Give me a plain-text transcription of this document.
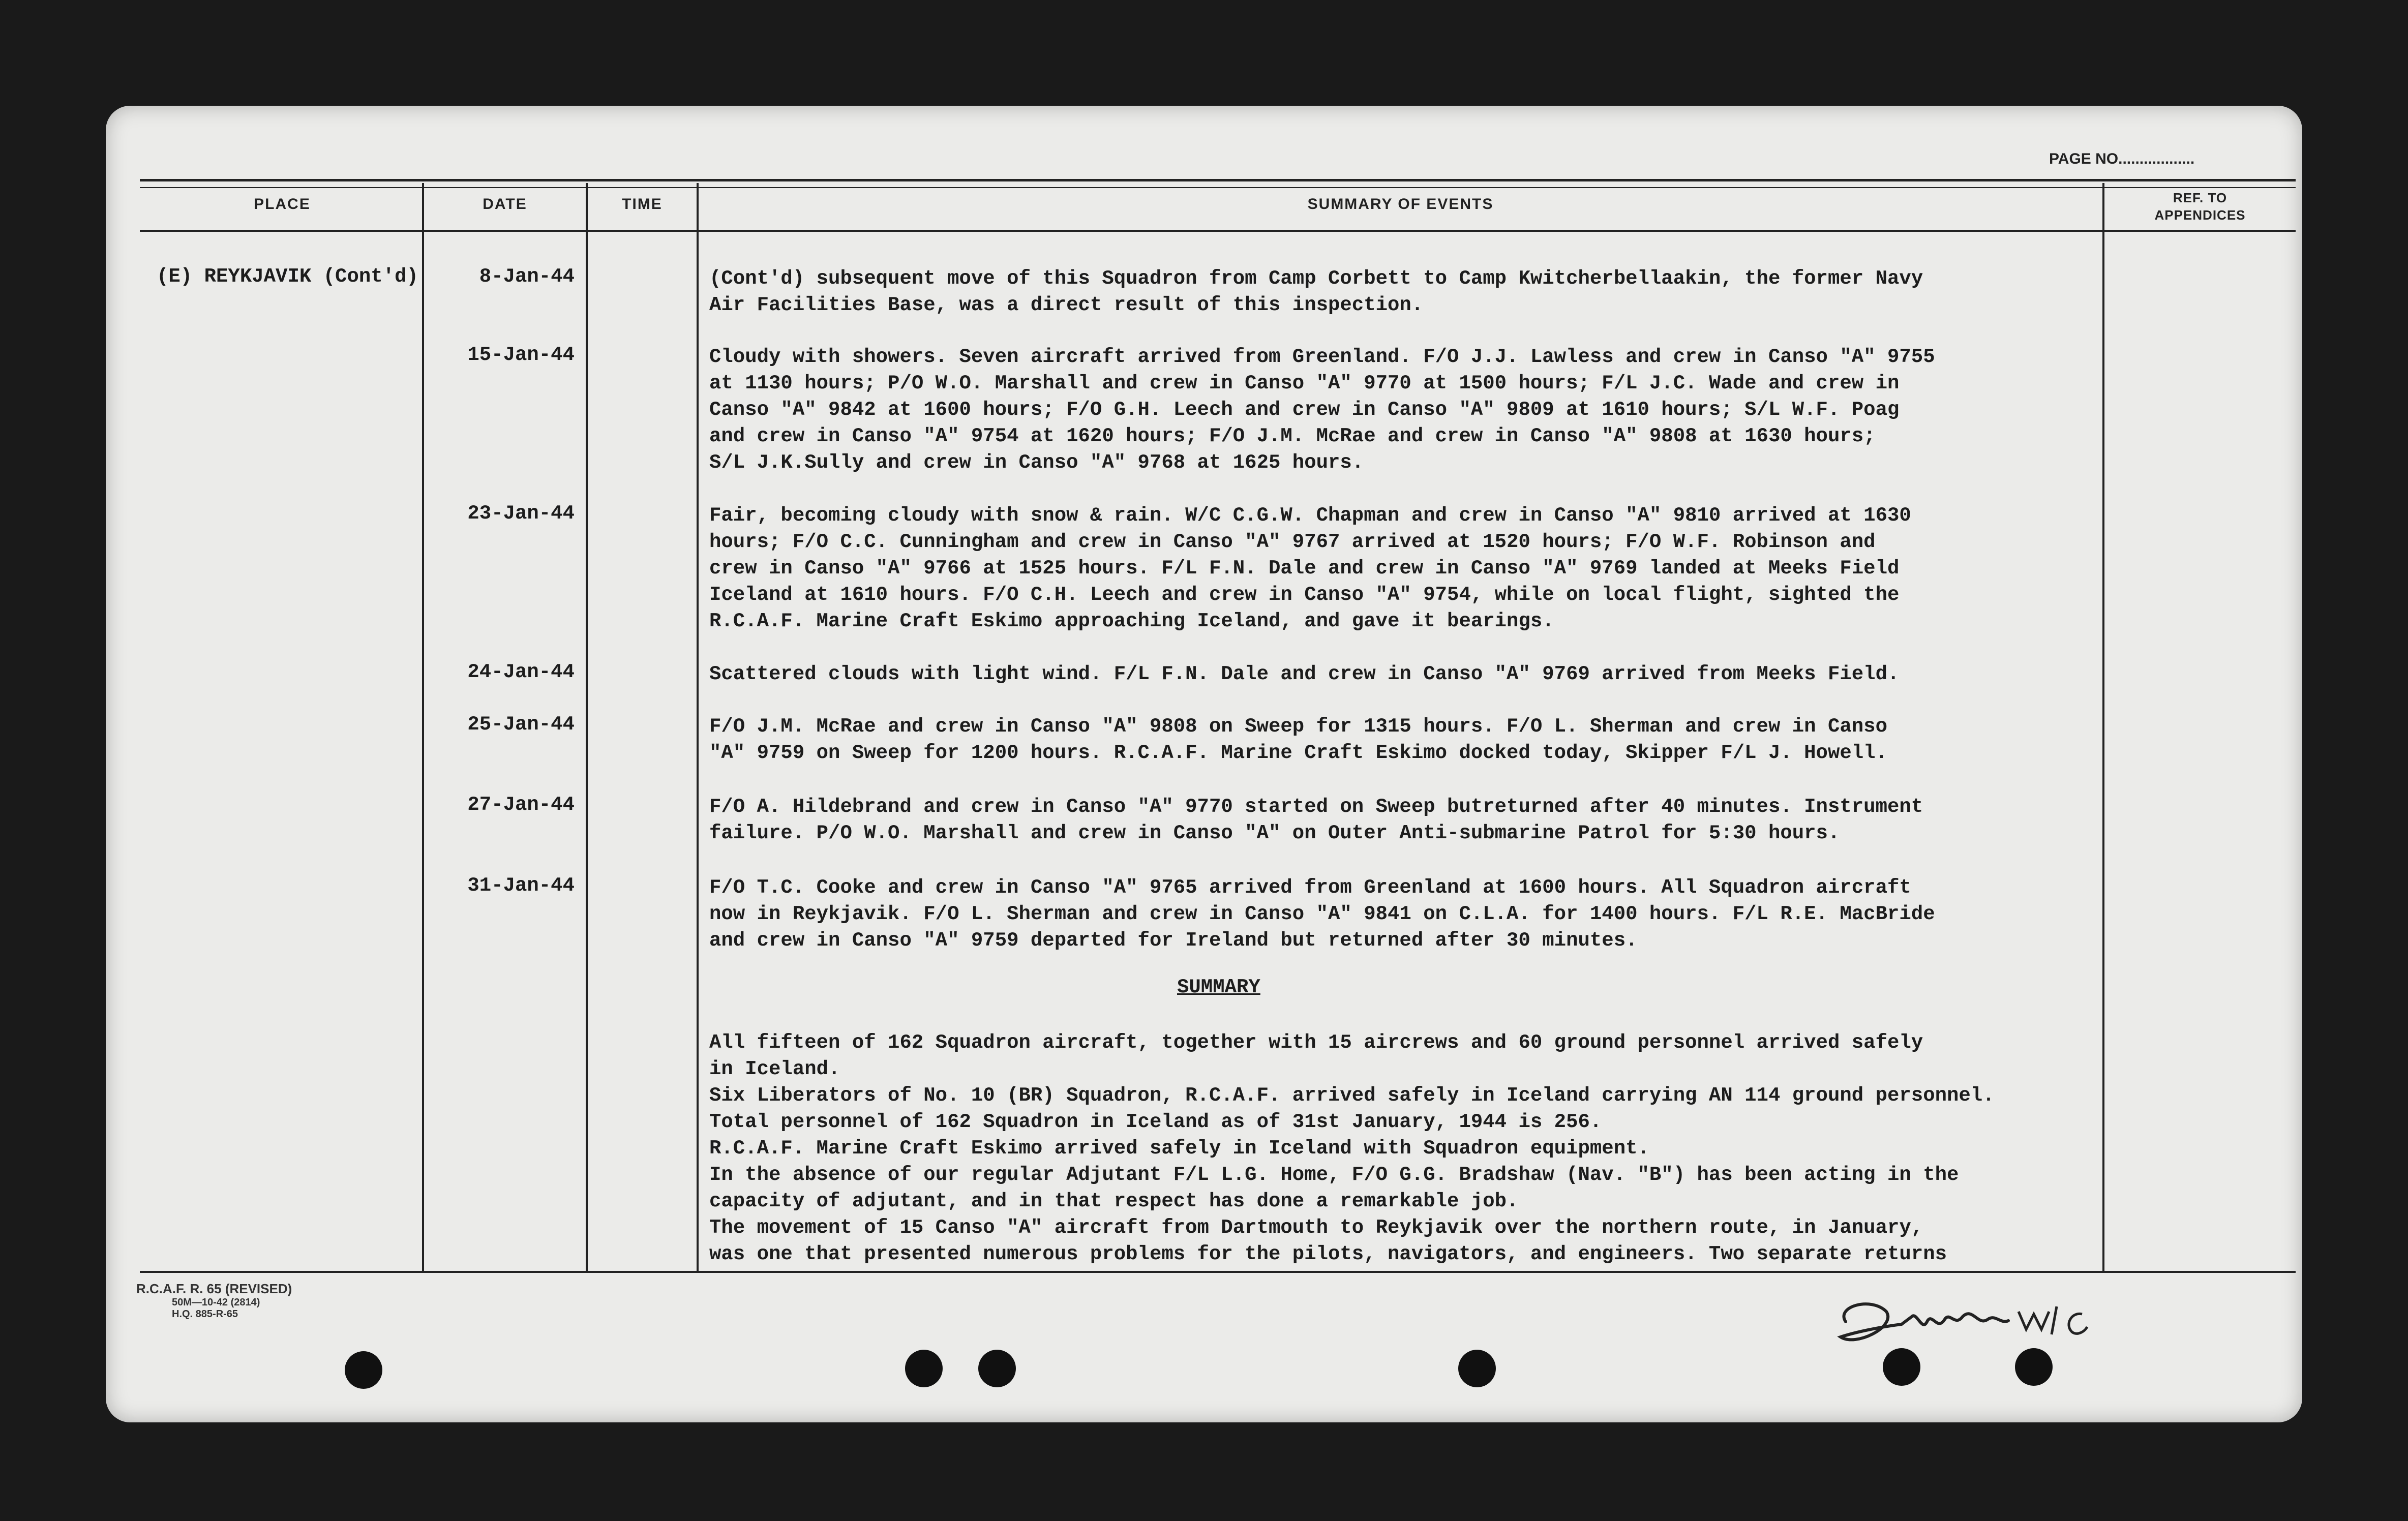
PAGE NO..................
PLACE	DATE	TIME	SUMMARY OF EVENTS	REF. TO
APPENDICES
(E) REYKJAVIK (Cont'd)	8-Jan-44	(Cont'd) subsequent move of this Squadron from Camp Corbett to Camp Kwitcherbellaakin, the former Navy
Air Facilities Base, was a direct result of this inspection.
15-Jan-44	Cloudy with showers. Seven aircraft arrived from Greenland. F/O J.J. Lawless and crew in Canso "A" 9755
at 1130 hours; P/O W.O. Marshall and crew in Canso "A" 9770 at 1500 hours; F/L J.C. Wade and crew in
Canso "A" 9842 at 1600 hours; F/O G.H. Leech and crew in Canso "A" 9809 at 1610 hours; S/L W.F. Poag
and crew in Canso "A" 9754 at 1620 hours; F/O J.M. McRae and crew in Canso "A" 9808 at 1630 hours;
S/L J.K.Sully and crew in Canso "A" 9768 at 1625 hours.
23-Jan-44	Fair, becoming cloudy with snow & rain. W/C C.G.W. Chapman and crew in Canso "A" 9810 arrived at 1630
hours; F/O C.C. Cunningham and crew in Canso "A" 9767 arrived at 1520 hours; F/O W.F. Robinson and
crew in Canso "A" 9766 at 1525 hours. F/L F.N. Dale and crew in Canso "A" 9769 landed at Meeks Field
Iceland at 1610 hours. F/O C.H. Leech and crew in Canso "A" 9754, while on local flight, sighted the
R.C.A.F. Marine Craft Eskimo approaching Iceland, and gave it bearings.
24-Jan-44	Scattered clouds with light wind. F/L F.N. Dale and crew in Canso "A" 9769 arrived from Meeks Field.
25-Jan-44	F/O J.M. McRae and crew in Canso "A" 9808 on Sweep for 1315 hours. F/O L. Sherman and crew in Canso
"A" 9759 on Sweep for 1200 hours. R.C.A.F. Marine Craft Eskimo docked today, Skipper F/L J. Howell.
27-Jan-44	F/O A. Hildebrand and crew in Canso "A" 9770 started on Sweep butreturned after 40 minutes. Instrument
failure. P/O W.O. Marshall and crew in Canso "A" on Outer Anti-submarine Patrol for 5:30 hours.
31-Jan-44	F/O T.C. Cooke and crew in Canso "A" 9765 arrived from Greenland at 1600 hours. All Squadron aircraft
now in Reykjavik. F/O L. Sherman and crew in Canso "A" 9841 on C.L.A. for 1400 hours. F/L R.E. MacBride
and crew in Canso "A" 9759 departed for Ireland but returned after 30 minutes.
SUMMARY
All fifteen of 162 Squadron aircraft, together with 15 aircrews and 60 ground personnel arrived safely
in Iceland.
Six Liberators of No. 10 (BR) Squadron, R.C.A.F. arrived safely in Iceland carrying AN 114 ground personnel.
Total personnel of 162 Squadron in Iceland as of 31st January, 1944 is 256.
R.C.A.F. Marine Craft Eskimo arrived safely in Iceland with Squadron equipment.
In the absence of our regular Adjutant F/L L.G. Home, F/O G.G. Bradshaw (Nav. "B") has been acting in the
capacity of adjutant, and in that respect has done a remarkable job.
The movement of 15 Canso "A" aircraft from Dartmouth to Reykjavik over the northern route, in January,
was one that presented numerous problems for the pilots, navigators, and engineers. Two separate returns
R.C.A.F. R. 65 (REVISED)
50M—10-42 (2814)
H.Q. 885-R-65
